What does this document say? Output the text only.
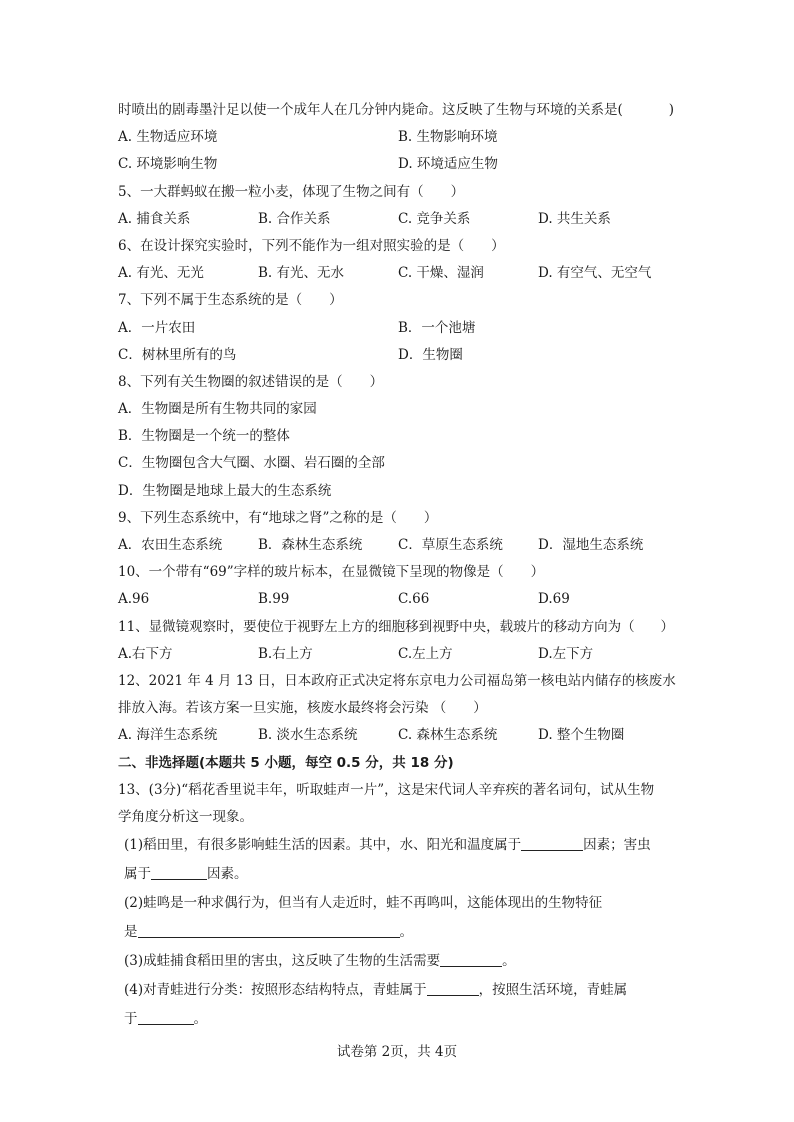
时喷出的剧毒墨汁足以使一个成年人在几分钟内毙命。这反映了生物与环境的关系是(	)
A. 生物适应环境	B. 生物影响环境
C. 环境影响生物	D. 环境适应生物
5、一大群蚂蚁在搬一粒小麦，体现了生物之间有（　　）
A. 捕食关系	B. 合作关系	C. 竞争关系	D. 共生关系
6、在设计探究实验时，下列不能作为一组对照实验的是（　　）
A. 有光、无光	B. 有光、无水	C. 干燥、湿润	D. 有空气、无空气
7、下列不属于生态系统的是（　　）
A．一片农田	B．一个池塘
C．树林里所有的鸟	D．生物圈
8、下列有关生物圈的叙述错误的是（　　）
A．生物圈是所有生物共同的家园
B．生物圈是一个统一的整体
C．生物圈包含大气圈、水圈、岩石圈的全部
D．生物圈是地球上最大的生态系统
9、下列生态系统中，有“地球之肾”之称的是（　　）
A．农田生态系统	B．森林生态系统	C．草原生态系统	D．湿地生态系统
10、一个带有“69”字样的玻片标本，在显微镜下呈现的物像是（　　）
A.96	B.99	C.66	D.69
11、显微镜观察时，要使位于视野左上方的细胞移到视野中央，载玻片的移动方向为（ ）
A.右下方	B.右上方	C.左上方	D.左下方
12、2021 年 4 月 13 日，日本政府正式决定将东京电力公司福岛第一核电站内储存的核废水
排放入海。若该方案一旦实施，核废水最终将会污染 （　　）
A. 海洋生态系统	B. 淡水生态系统	C. 森林生态系统	D. 整个生物圈
二、非选择题(本题共 5 小题，每空 0.5 分，共 18 分)
13、(3分)“稻花香里说丰年，听取蛙声一片”，这是宋代词人辛弃疾的著名词句，试从生物
学角度分析这一现象。
(1)稻田里，有很多影响蛙生活的因素。其中，水、阳光和温度属于	因素；害虫
属于	因素。
(2)蛙鸣是一种求偶行为，但当有人走近时，蛙不再鸣叫，这能体现出的生物特征
是	。
(3)成蛙捕食稻田里的害虫，这反映了生物的生活需要	。
(4)对青蛙进行分类：按照形态结构特点，青蛙属于	，按照生活环境，青蛙属
于	。
试卷第 2页，共 4页
